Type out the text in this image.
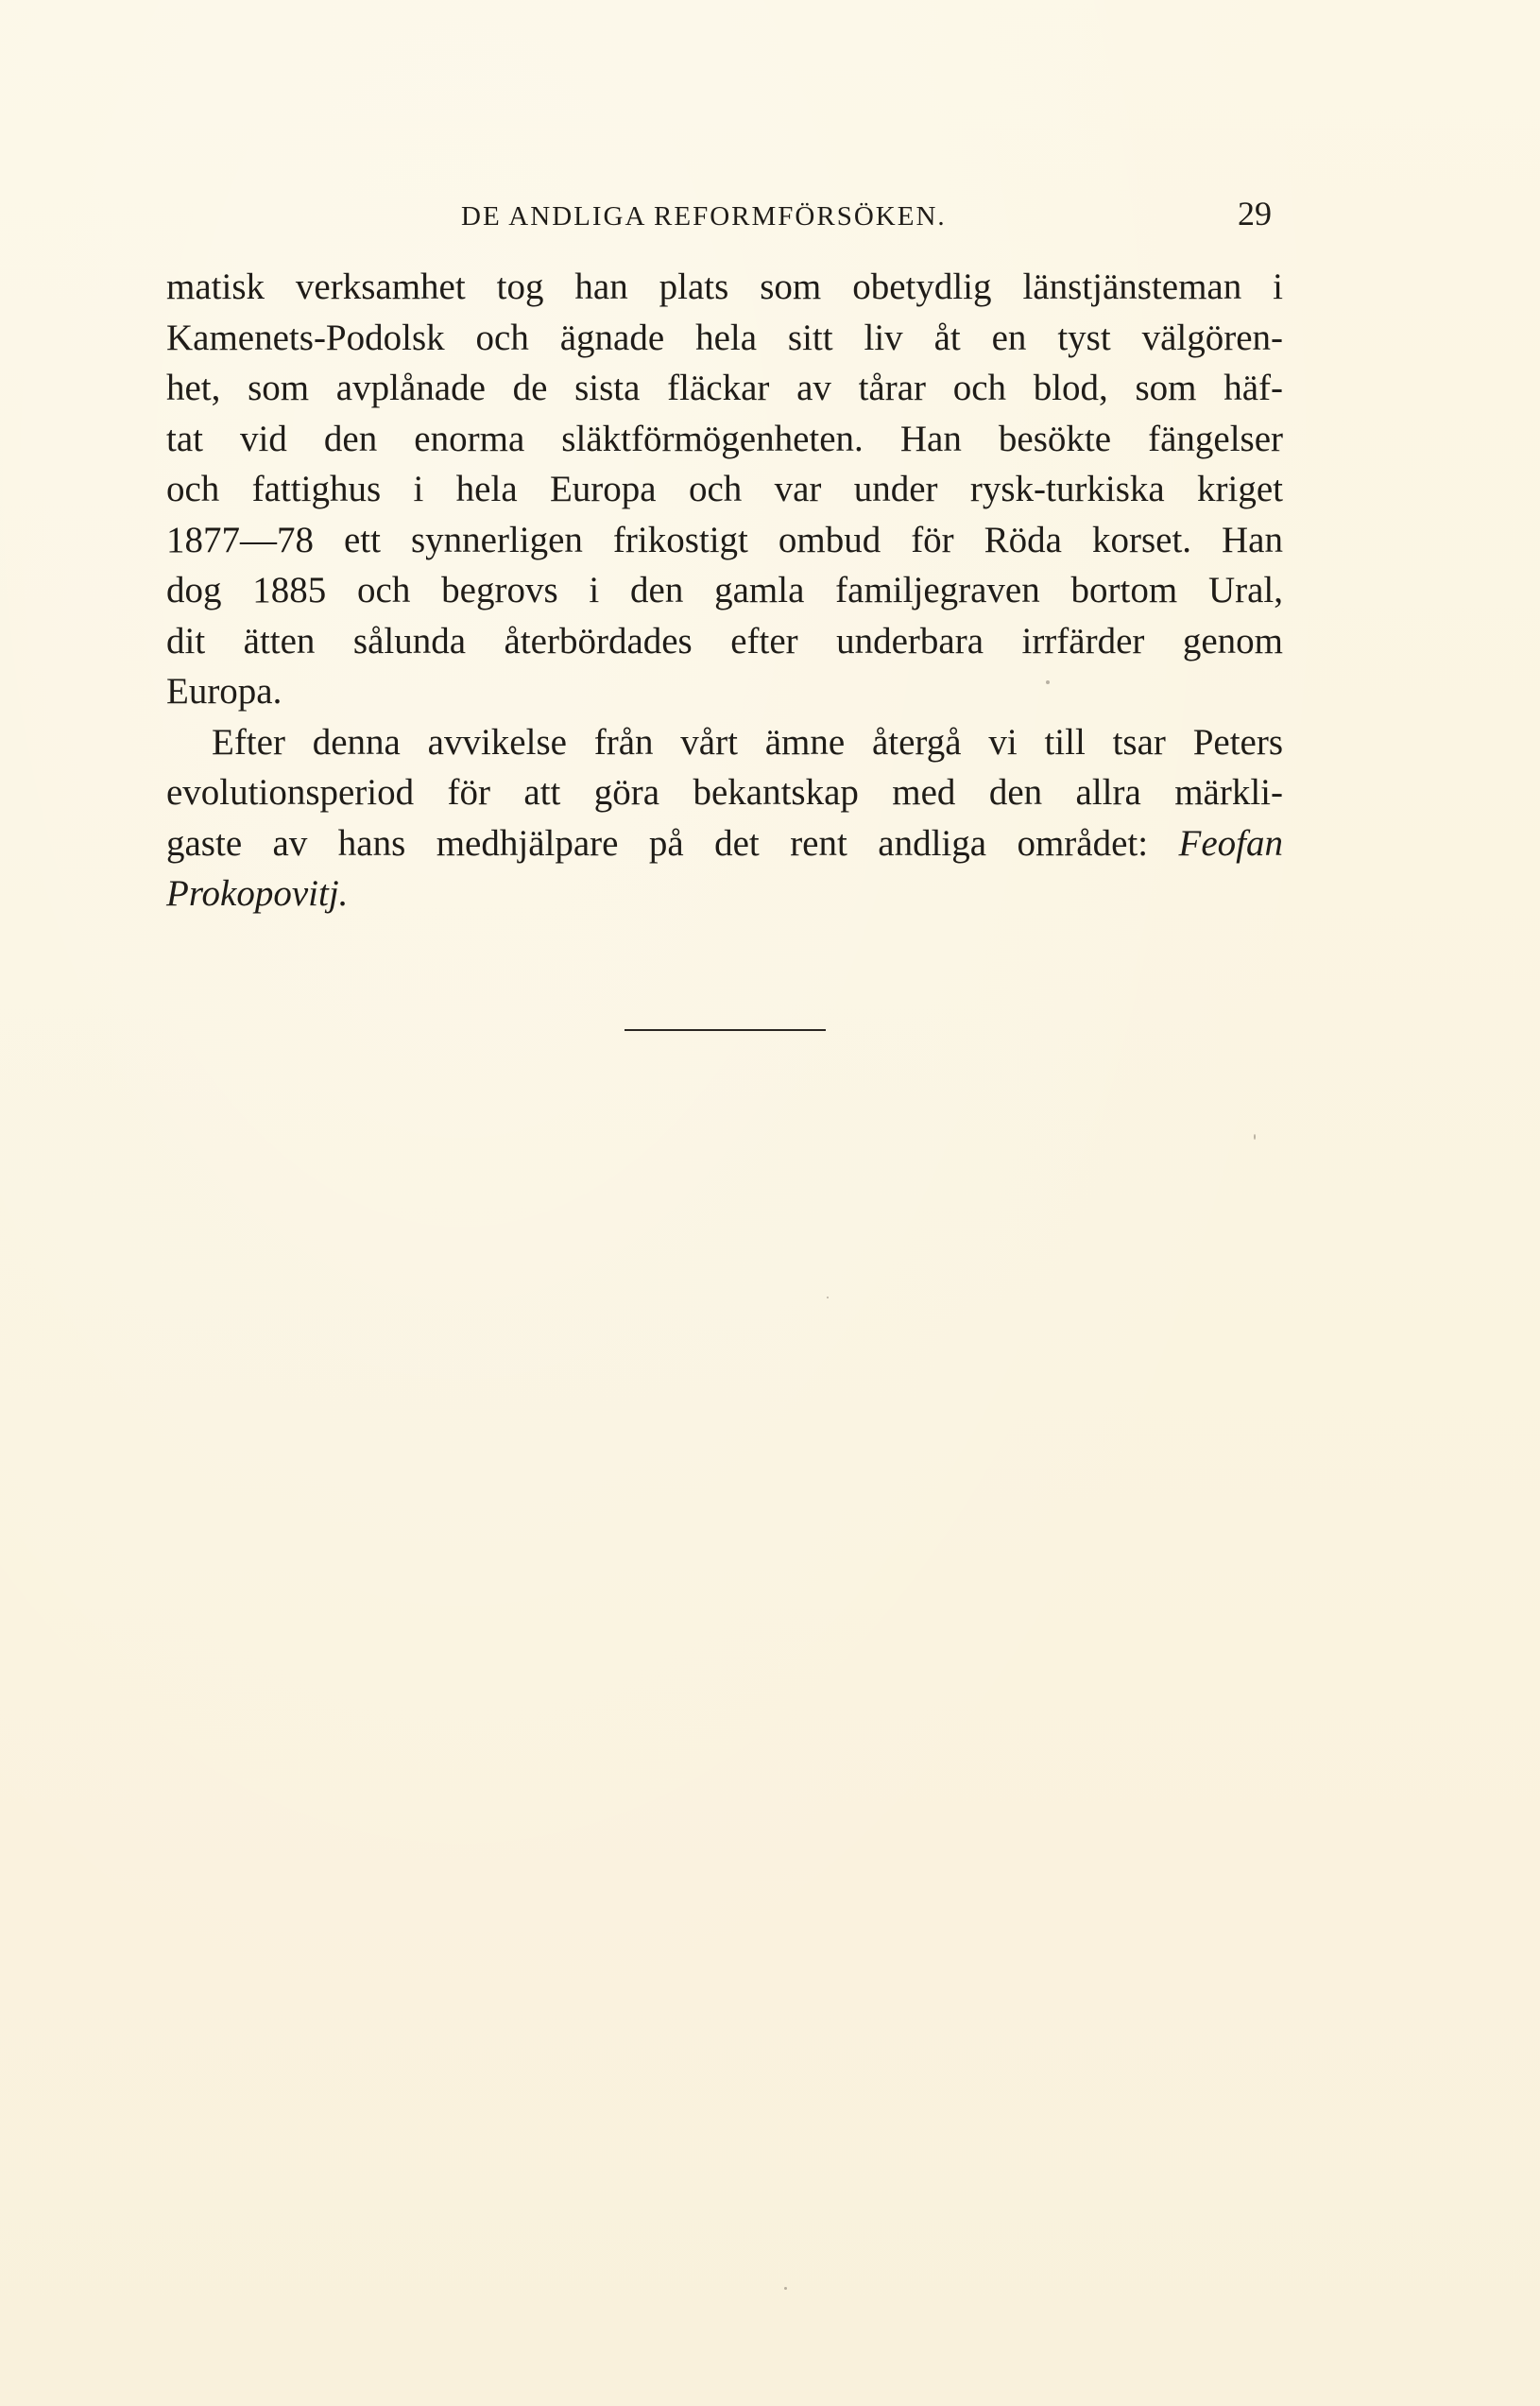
DE ANDLIGA REFORMFÖRSÖKEN.	29
matisk verksamhet tog han plats som obetydlig länstjänsteman i
Kamenets-Podolsk och ägnade hela sitt liv åt en tyst välgören-
het, som avplånade de sista fläckar av tårar och blod, som häf-
tat vid den enorma släktförmögenheten. Han besökte fängelser
och fattighus i hela Europa och var under rysk-turkiska kriget
1877—78 ett synnerligen frikostigt ombud för Röda korset. Han
dog 1885 och begrovs i den gamla familjegraven bortom Ural,
dit ätten sålunda återbördades efter underbara irrfärder genom
Europa.
Efter denna avvikelse från vårt ämne återgå vi till tsar Peters
evolutionsperiod för att göra bekantskap med den allra märkli-
gaste av hans medhjälpare på det rent andliga området: Feofan
Prokopovitj.
